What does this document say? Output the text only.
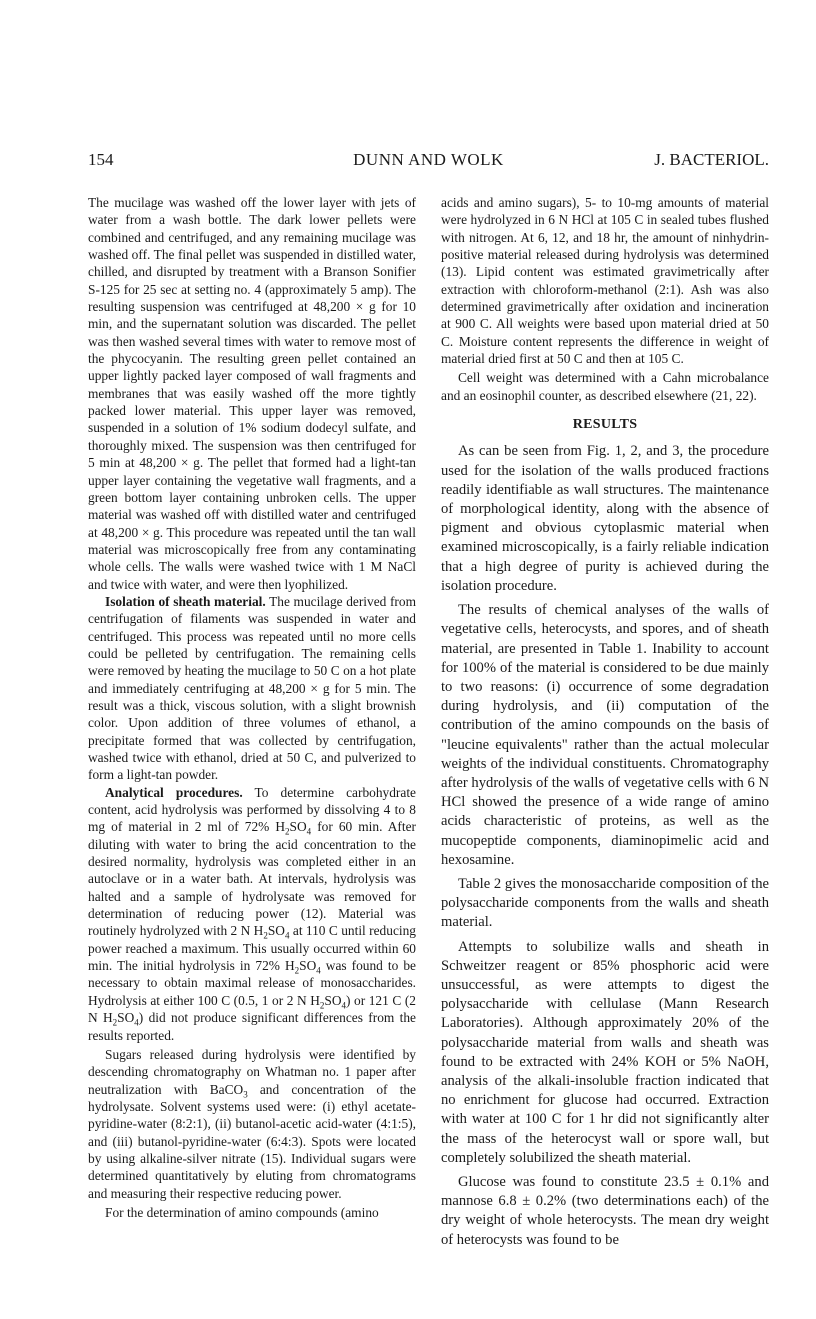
154	DUNN AND WOLK	J. BACTERIOL.

The mucilage was washed off the lower layer with jets of water from a wash bottle. The dark lower pellets were combined and centrifuged, and any remaining mucilage was washed off. The final pellet was suspended in distilled water, chilled, and disrupted by treatment with a Branson Sonifier S-125 for 25 sec at setting no. 4 (approximately 5 amp). The resulting suspension was centrifuged at 48,200 × g for 10 min, and the supernatant solution was discarded. The pellet was then washed several times with water to remove most of the phycocyanin. The resulting green pellet contained an upper lightly packed layer composed of wall fragments and membranes that was easily washed off the more tightly packed lower material. This upper layer was removed, suspended in a solution of 1% sodium dodecyl sulfate, and thoroughly mixed. The suspension was then centrifuged for 5 min at 48,200 × g. The pellet that formed had a light-tan upper layer containing the vegetative wall fragments, and a green bottom layer containing unbroken cells. The upper material was washed off with distilled water and centrifuged at 48,200 × g. This procedure was repeated until the tan wall material was microscopically free from any contaminating whole cells. The walls were washed twice with 1 M NaCl and twice with water, and were then lyophilized.

Isolation of sheath material. The mucilage derived from centrifugation of filaments was suspended in water and centrifuged. This process was repeated until no more cells could be pelleted by centrifugation. The remaining cells were removed by heating the mucilage to 50 C on a hot plate and immediately centrifuging at 48,200 × g for 5 min. The result was a thick, viscous solution, with a slight brownish color. Upon addition of three volumes of ethanol, a precipitate formed that was collected by centrifugation, washed twice with ethanol, dried at 50 C, and pulverized to form a light-tan powder.

Analytical procedures. To determine carbohydrate content, acid hydrolysis was performed by dissolving 4 to 8 mg of material in 2 ml of 72% $H_2SO_4$ for 60 min. After diluting with water to bring the acid concentration to the desired normality, hydrolysis was completed either in an autoclave or in a water bath. At intervals, hydrolysis was halted and a sample of hydrolysate was removed for determination of reducing power (12). Material was routinely hydrolyzed with 2 N $H_2SO_4$ at 110 C until reducing power reached a maximum. This usually occurred within 60 min. The initial hydrolysis in 72% $H_2SO_4$ was found to be necessary to obtain maximal release of monosaccharides. Hydrolysis at either 100 C (0.5, 1 or 2 N $H_2SO_4$) or 121 C (2 N $H_2SO_4$) did not produce significant differences from the results reported.

Sugars released during hydrolysis were identified by descending chromatography on Whatman no. 1 paper after neutralization with BaCO$_3$ and concentration of the hydrolysate. Solvent systems used were: (i) ethyl acetate-pyridine-water (8:2:1), (ii) butanol-acetic acid-water (4:1:5), and (iii) butanol-pyridine-water (6:4:3). Spots were located by using alkaline-silver nitrate (15). Individual sugars were determined quantitatively by eluting from chromatograms and measuring their respective reducing power.

For the determination of amino compounds (amino

acids and amino sugars), 5- to 10-mg amounts of material were hydrolyzed in 6 N HCl at 105 C in sealed tubes flushed with nitrogen. At 6, 12, and 18 hr, the amount of ninhydrin-positive material released during hydrolysis was determined (13). Lipid content was estimated gravimetrically after extraction with chloroform-methanol (2:1). Ash was also determined gravimetrically after oxidation and incineration at 900 C. All weights were based upon material dried at 50 C. Moisture content represents the difference in weight of material dried first at 50 C and then at 105 C.

Cell weight was determined with a Cahn microbalance and an eosinophil counter, as described elsewhere (21, 22).

RESULTS

As can be seen from Fig. 1, 2, and 3, the procedure used for the isolation of the walls produced fractions readily identifiable as wall structures. The maintenance of morphological identity, along with the absence of pigment and obvious cytoplasmic material when examined microscopically, is a fairly reliable indication that a high degree of purity is achieved during the isolation procedure.

The results of chemical analyses of the walls of vegetative cells, heterocysts, and spores, and of sheath material, are presented in Table 1. Inability to account for 100% of the material is considered to be due mainly to two reasons: (i) occurrence of some degradation during hydrolysis, and (ii) computation of the contribution of the amino compounds on the basis of "leucine equivalents" rather than the actual molecular weights of the individual constituents. Chromatography after hydrolysis of the walls of vegetative cells with 6 N HCl showed the presence of a wide range of amino acids characteristic of proteins, as well as the mucopeptide components, diaminopimelic acid and hexosamine.

Table 2 gives the monosaccharide composition of the polysaccharide components from the walls and sheath material.

Attempts to solubilize walls and sheath in Schweitzer reagent or 85% phosphoric acid were unsuccessful, as were attempts to digest the polysaccharide with cellulase (Mann Research Laboratories). Although approximately 20% of the polysaccharide material from walls and sheath was found to be extracted with 24% KOH or 5% NaOH, analysis of the alkali-insoluble fraction indicated that no enrichment for glucose had occurred. Extraction with water at 100 C for 1 hr did not significantly alter the mass of the heterocyst wall or spore wall, but completely solubilized the sheath material.

Glucose was found to constitute 23.5 ± 0.1% and mannose 6.8 ± 0.2% (two determinations each) of the dry weight of whole heterocysts. The mean dry weight of heterocysts was found to be
